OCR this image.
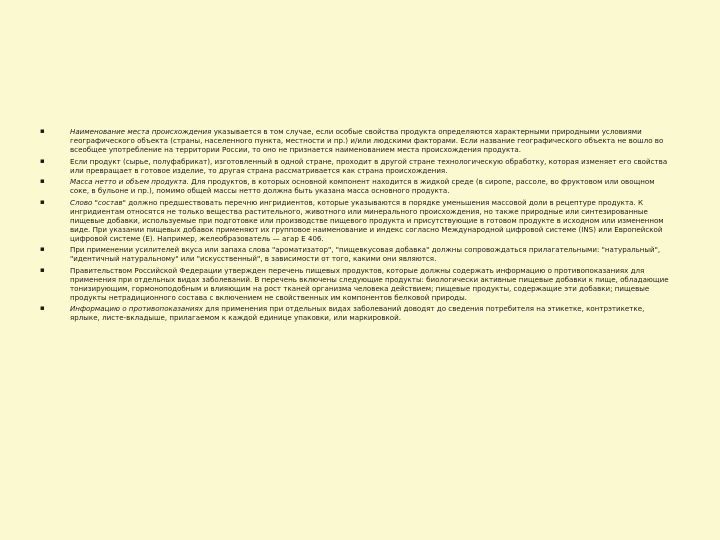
▪	Наименование места происхождения указывается в том случае, если особые свойства продукта определяются характерными природными условиями географического объекта (страны, населенного пункта, местности и пр.) и/или людскими факторами. Если название географического объекта не вошло во всеобщее употребление на территории России, то оно не признается наименованием места происхождения продукта.
▪	Если продукт (сырье, полуфабрикат), изготовленный в одной стране, проходит в другой стране технологическую обработку, которая изменяет его свойства или превращает в готовое изделие, то другая страна рассматривается как страна происхождения.
▪	Масса нетто и объем продукта. Для продуктов, в которых основной компонент находится в жидкой среде (в сиропе, рассоле, во фруктовом или овощном соке, в бульоне и пр.), помимо общей массы нетто должна быть указана масса основного продукта.
▪	Слово "состав" должно предшествовать перечню ингридиентов, которые указываются в порядке уменьшения массовой доли в рецептуре продукта. К ингридиентам относятся не только вещества растительного, животного или минерального происхождения, но также природные или синтезированные пищевые добавки, используемые при подготовке или производстве пищевого продукта и присутствующие в готовом продукте в исходном или измененном виде. При указании пищевых добавок применяют их групповое наименование и индекс согласно Международной цифровой системе (INS) или Европейской цифровой системе (Е). Например, желеобразователь — агар Е 406.
▪	При применении усилителей вкуса или запаха слова "ароматизатор", "пищевкусовая добавка" должны сопровождаться прилагательными: "натуральный", "идентичный натуральному" или "искусственный", в зависимости от того, какими они являются.
▪	Правительством Российской Федерации утвержден перечень пищевых продуктов, которые должны содержать информацию о противопоказаниях для применения при отдельных видах заболеваний. В перечень включены следующие продукты: биологически активные пищевые добавки к пище, обладающие тонизирующим, гормоноподобным и влияющим на рост тканей организма человека действием; пищевые продукты, содержащие эти добавки; пищевые продукты нетрадиционного состава с включением не свойственных им компонентов белковой природы.
▪	Информацию о противопоказаниях для применения при отдельных видах заболеваний доводят до сведения потребителя на этикетке, контрэтикетке, ярлыке, листе-вкладыше, прилагаемом к каждой единице упаковки, или маркировкой.
